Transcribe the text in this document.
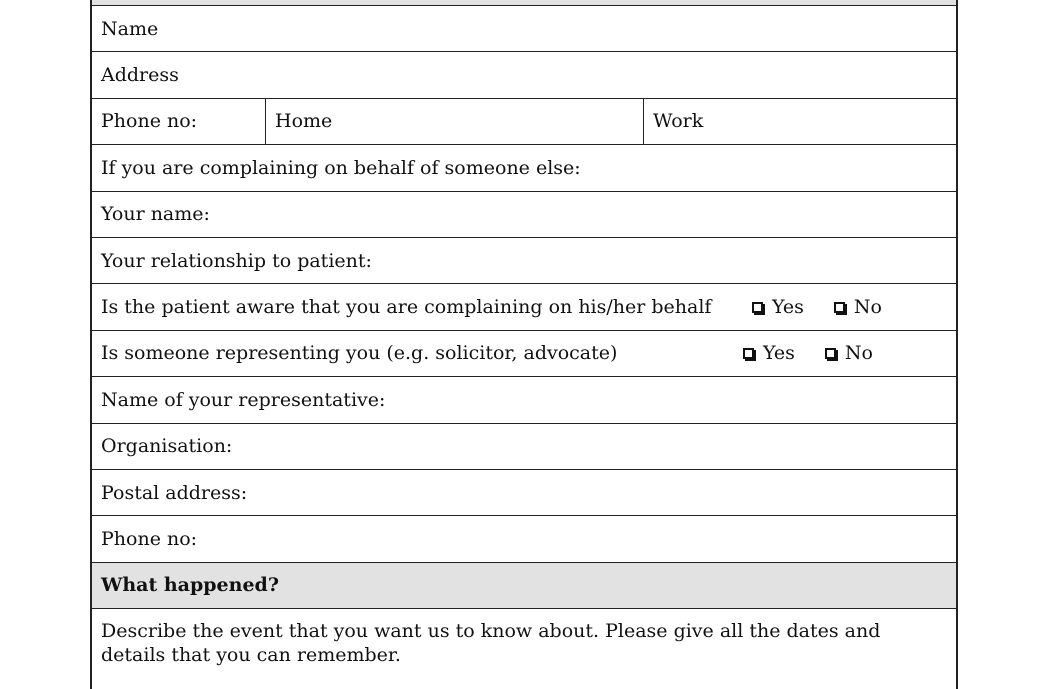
Name
Address
Phone no:	Home	Work
If you are complaining on behalf of someone else:
Your name:
Your relationship to patient:
Is the patient aware that you are complaining on his/her behalf	Yes	No
Is someone representing you (e.g. solicitor, advocate)	Yes	No
Name of your representative:
Organisation:
Postal address:
Phone no:
What happened?
Describe the event that you want us to know about. Please give all the dates and details that you can remember.
